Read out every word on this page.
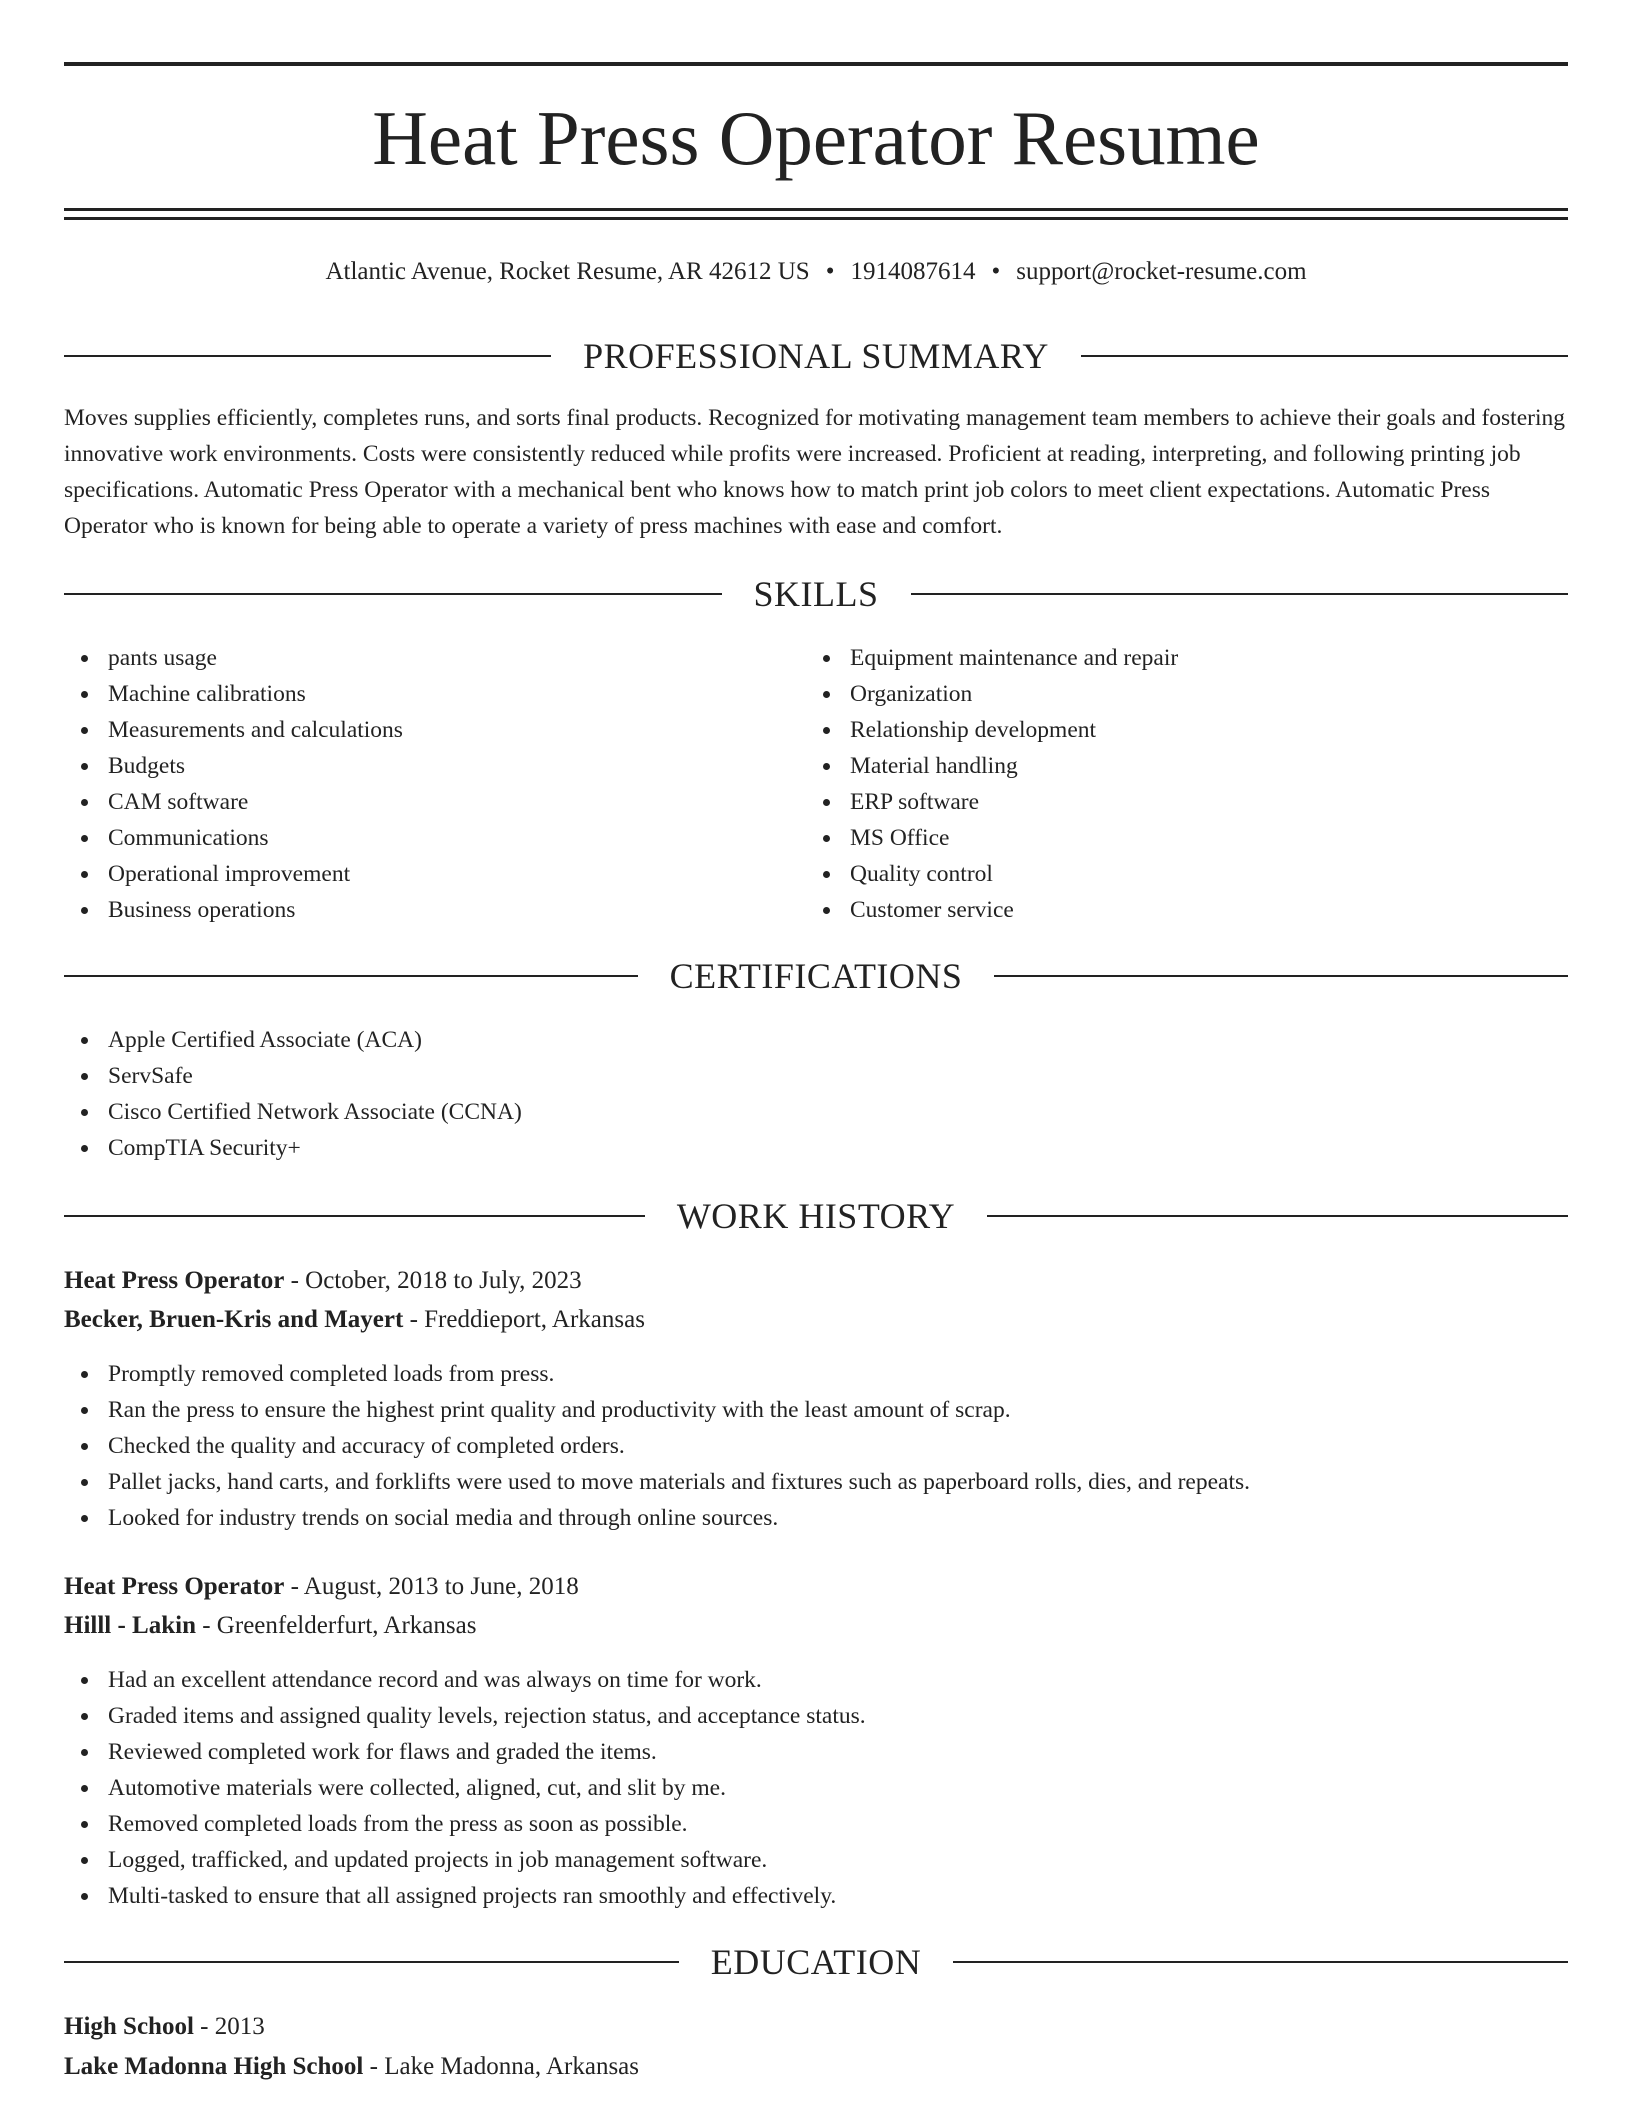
Heat Press Operator Resume
Atlantic Avenue, Rocket Resume, AR 42612 US • 1914087614 • support@rocket-resume.com
PROFESSIONAL SUMMARY

Moves supplies efficiently, completes runs, and sorts final products. Recognized for motivating management team members to achieve their goals and fostering innovative work environments. Costs were consistently reduced while profits were increased. Proficient at reading, interpreting, and following printing job specifications. Automatic Press Operator with a mechanical bent who knows how to match print job colors to meet client expectations. Automatic Press Operator who is known for being able to operate a variety of press machines with ease and comfort.

SKILLS
pants usage
Machine calibrations
Measurements and calculations
Budgets
CAM software
Communications
Operational improvement
Business operations
Equipment maintenance and repair
Organization
Relationship development
Material handling
ERP software
MS Office
Quality control
Customer service
CERTIFICATIONS
Apple Certified Associate (ACA)
ServSafe
Cisco Certified Network Associate (CCNA)
CompTIA Security+
WORK HISTORY
Heat Press Operator - October, 2018 to July, 2023
Becker, Bruen-Kris and Mayert - Freddieport, Arkansas
Promptly removed completed loads from press.
Ran the press to ensure the highest print quality and productivity with the least amount of scrap.
Checked the quality and accuracy of completed orders.
Pallet jacks, hand carts, and forklifts were used to move materials and fixtures such as paperboard rolls, dies, and repeats.
Looked for industry trends on social media and through online sources.
Heat Press Operator - August, 2013 to June, 2018
Hilll - Lakin - Greenfelderfurt, Arkansas
Had an excellent attendance record and was always on time for work.
Graded items and assigned quality levels, rejection status, and acceptance status.
Reviewed completed work for flaws and graded the items.
Automotive materials were collected, aligned, cut, and slit by me.
Removed completed loads from the press as soon as possible.
Logged, trafficked, and updated projects in job management software.
Multi-tasked to ensure that all assigned projects ran smoothly and effectively.
EDUCATION
High School - 2013
Lake Madonna High School - Lake Madonna, Arkansas
